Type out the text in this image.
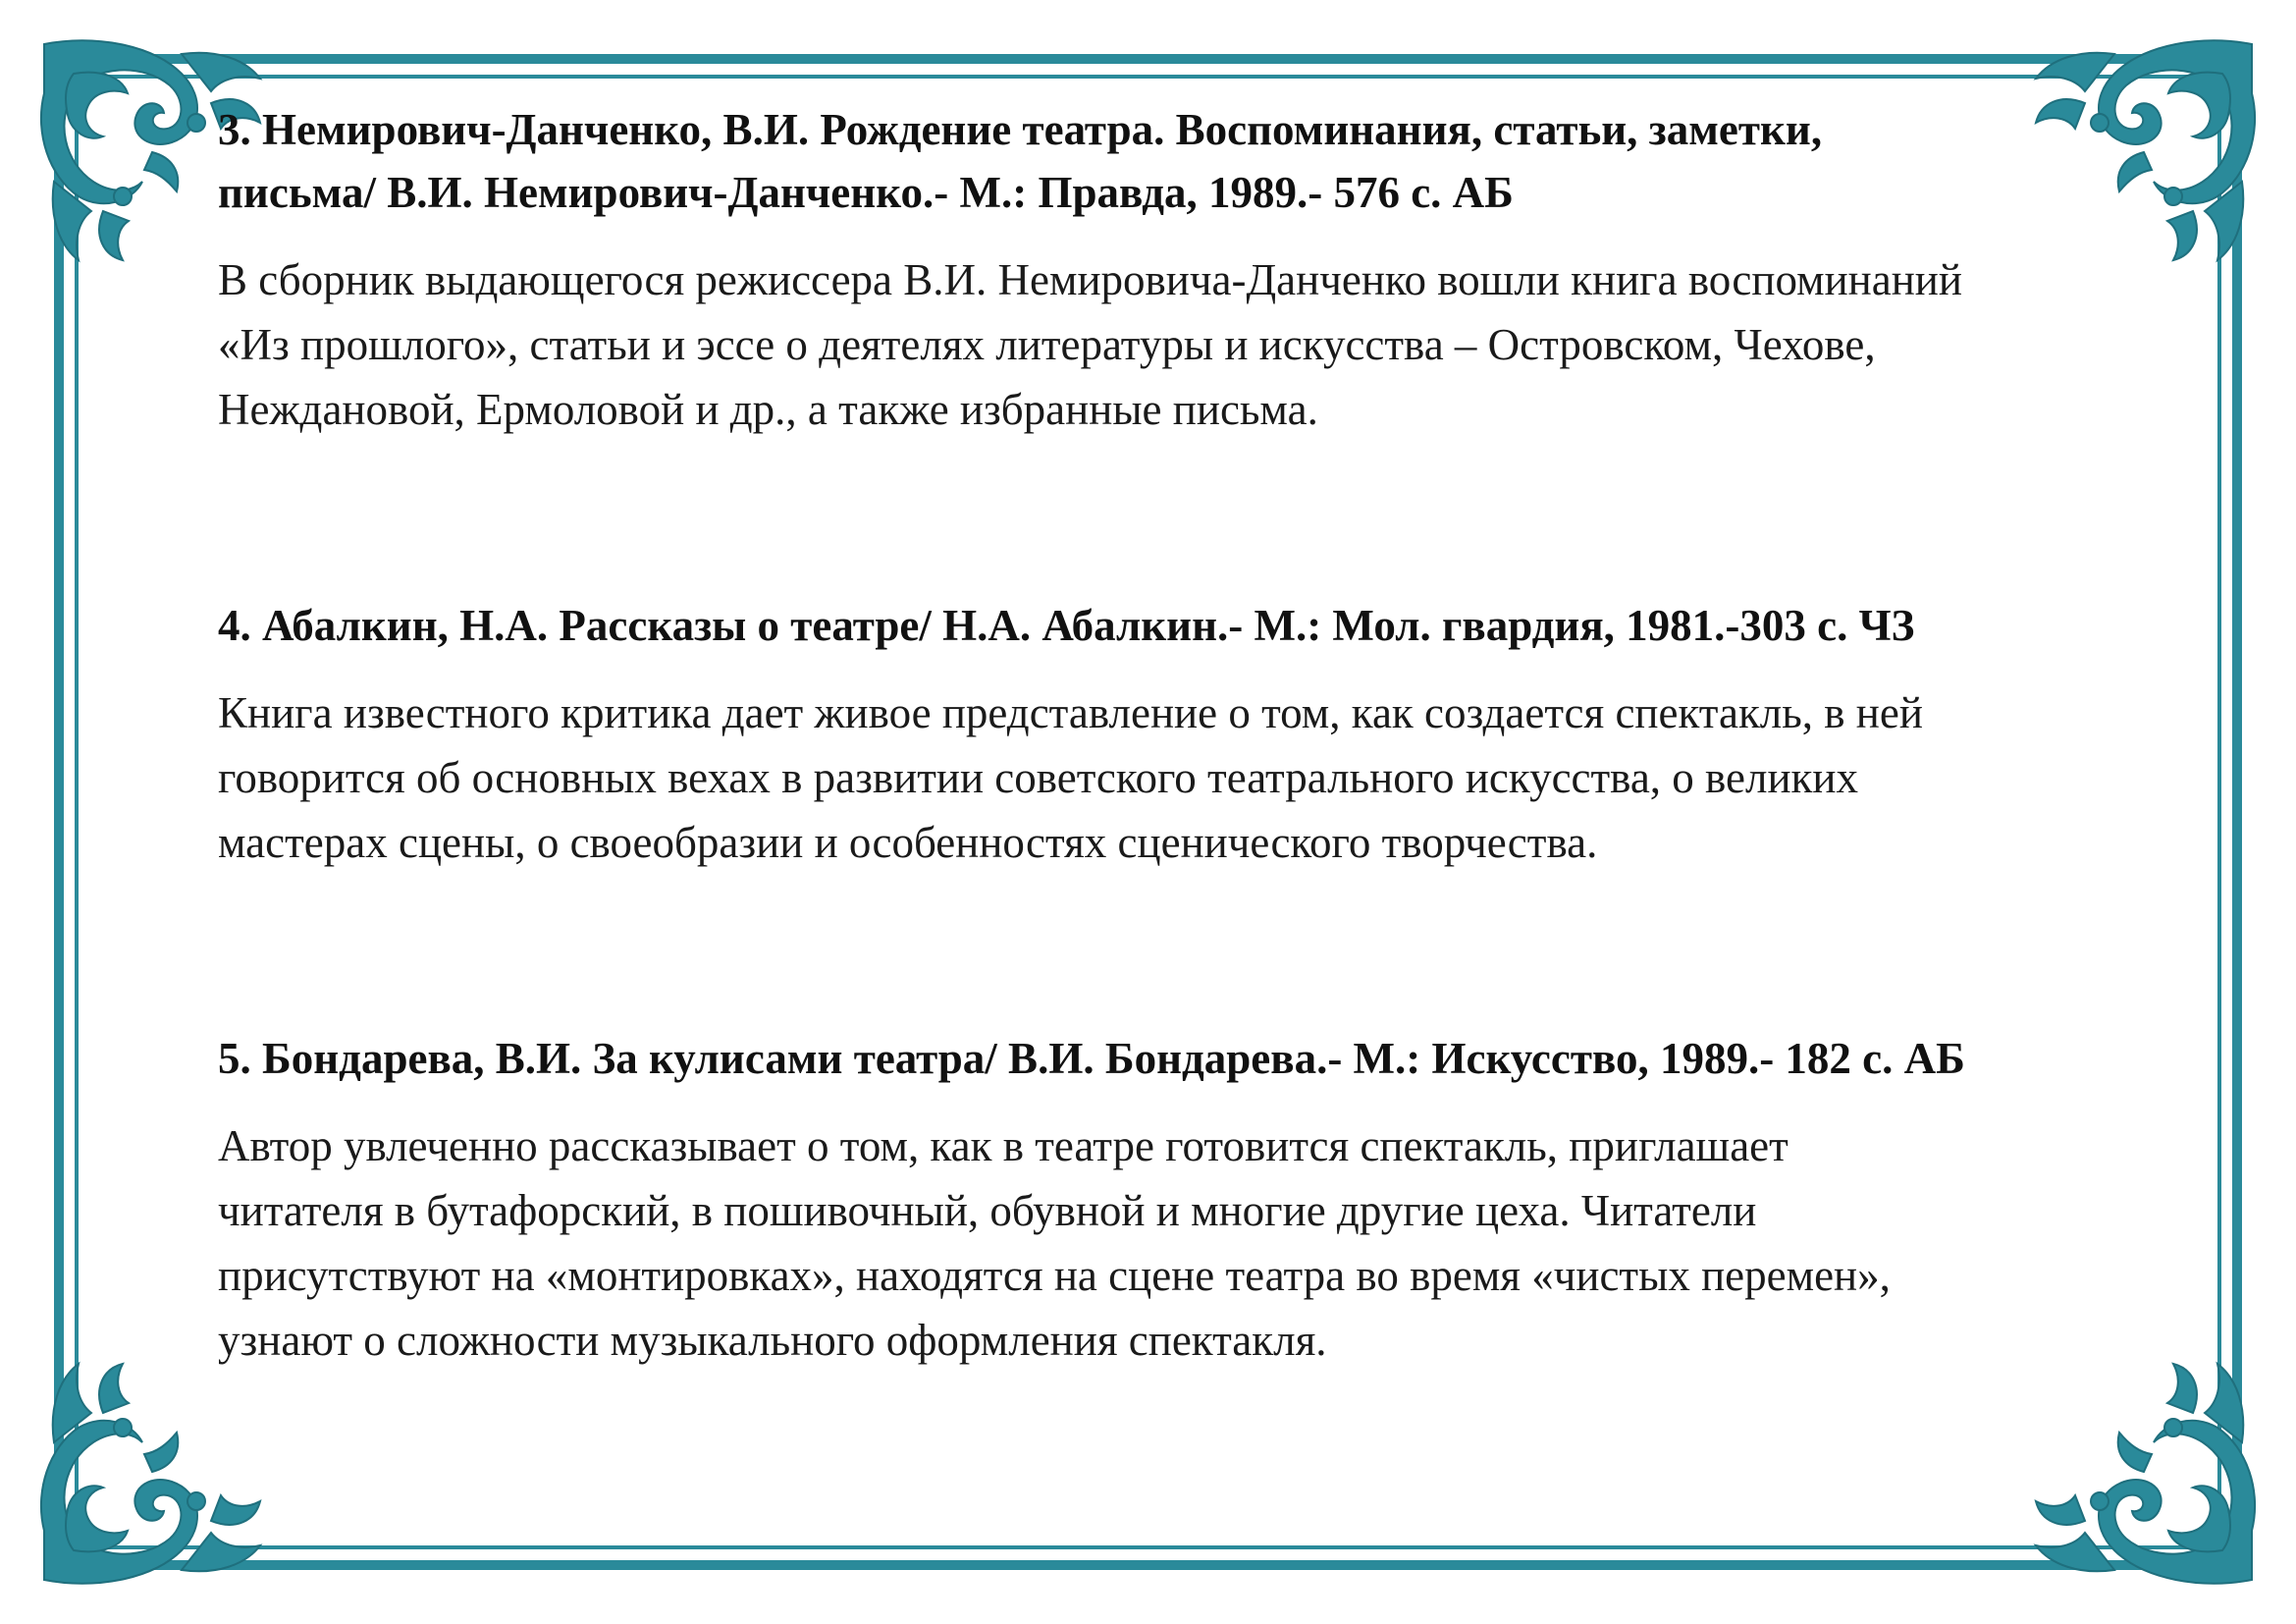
3. Немирович-Данченко, В.И. Рождение театра. Воспоминания, статьи, заметки,
письма/ В.И. Немирович-Данченко.- М.: Правда, 1989.- 576 с. АБ

В сборник выдающегося режиссера В.И. Немировича-Данченко вошли книга воспоминаний
«Из прошлого», статьи и эссе о деятелях литературы и искусства – Островском, Чехове,
Неждановой, Ермоловой и др., а также избранные письма.

4. Абалкин, Н.А. Рассказы о театре/ Н.А. Абалкин.- М.: Мол. гвардия, 1981.-303 с. ЧЗ

Книга известного критика дает живое представление о том, как создается спектакль, в ней
говорится об основных вехах в развитии советского театрального искусства, о великих
мастерах сцены, о своеобразии и особенностях сценического творчества.

5. Бондарева, В.И. За кулисами театра/ В.И. Бондарева.- М.: Искусство, 1989.- 182 с. АБ

Автор увлеченно рассказывает о том, как в театре готовится спектакль, приглашает
читателя в бутафорский, в пошивочный, обувной и многие другие цеха. Читатели
присутствуют на «монтировках», находятся на сцене театра во время «чистых перемен»,
узнают о сложности музыкального оформления спектакля.
